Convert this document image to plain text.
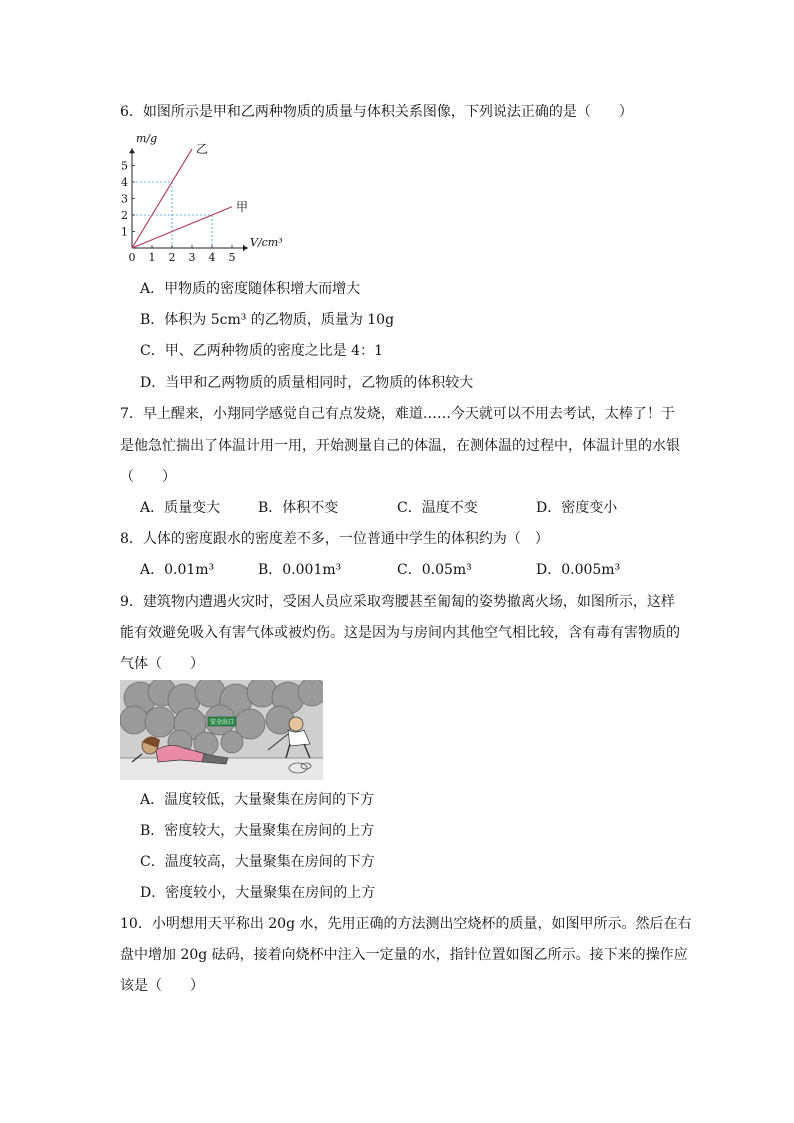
6．如图所示是甲和乙两种物质的质量与体积关系图像，下列说法正确的是（　　）
0 1 2 3 4 5
1
2
3
4
5
V/cm³
m/g
乙
甲
A．甲物质的密度随体积增大而增大
B．体积为 5cm³ 的乙物质，质量为 10g
C．甲、乙两种物质的密度之比是 4：1
D．当甲和乙两物质的质量相同时，乙物质的体积较大
7．早上醒来，小翔同学感觉自己有点发烧，难道……今天就可以不用去考试，太棒了！于
是他急忙揣出了体温计用一用，开始测量自己的体温，在测体温的过程中，体温计里的水银
（　　）
A．质量变大	B．体积不变	C．温度不变	D．密度变小
8．人体的密度跟水的密度差不多，一位普通中学生的体积约为（　）
A．0.01m³	B．0.001m³	C．0.05m³	D．0.005m³
9．建筑物内遭遇火灾时，受困人员应采取弯腰甚至匍匐的姿势撤离火场，如图所示，这样
能有效避免吸入有害气体或被灼伤。这是因为与房间内其他空气相比较，含有毒有害物质的
气体（　　）
安全出口
A．温度较低，大量聚集在房间的下方
B．密度较大，大量聚集在房间的上方
C．温度较高，大量聚集在房间的下方
D．密度较小，大量聚集在房间的上方
10．小明想用天平称出 20g 水，先用正确的方法测出空烧杯的质量，如图甲所示。然后在右
盘中增加 20g 砝码，接着向烧杯中注入一定量的水，指针位置如图乙所示。接下来的操作应
该是（　　）
